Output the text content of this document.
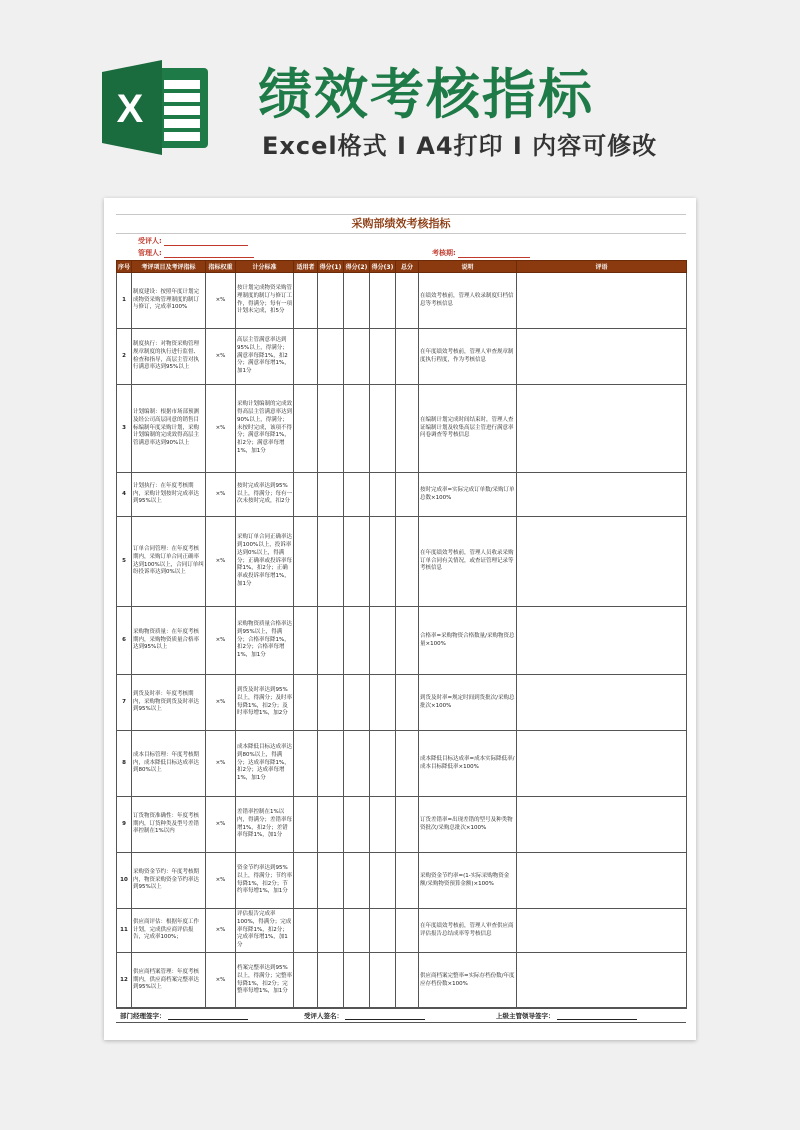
X 绩效考核指标
Excel格式 I A4打印 I 内容可修改
采购部绩效考核指标
受评人:
管理人:	考核期:
序号	考评项目及考评指标	指标权重	计分标准	适用者	得分(1)	得分(2)	得分(3)	总分	说明	评语
1	制度建设：按照年度计划完成物资采购管理制度的制订与修订，完成率100%	×%	按计划完成物资采购管理制度的制订与修订工作，得满分；每有一项计划未完成，扣5分						在绩效考核前，管理人收录制度归档信息等考核信息	
2	制度执行：对物资采购管理规章制度的执行进行监督、检查和指导，高层主管对执行满意率达到95%以上	×%	高层主管满意率达到95%以上，得满分；满意率每降1%，扣2分；满意率每增1%，加1分						在年度绩效考核前，管理人审查规章制度执行程度，作为考核信息	
3	计划编制：根据市场部预测及经公司高层同意的销售目标编制年度采购计划，采购计划编制的完成效得高层主管满意率达到90%以上	×%	采购计划编制的完成效得高层主管满意率达到90%以上，得满分；未按时完成，该项不得分；满意率每降1%，扣2分；满意率每增1%，加1分						在编制计划完成时间结束时，管理人查证编制计划及收集高层主管进行满意率问卷调查等考核信息	
4	计划执行：在年度考核期内，采购计划按时完成率达到95%以上	×%	按时完成率达到95%以上，得满分；每有一次未按时完成，扣2分						按时完成率=实际完成订单数/采购订单总数×100%	
5	订单合同管理：在年度考核期内，采购订单合同正确率达到100%以上，合同订单纠纷投诉率达到0%以上	×%	采购订单合同正确率达到100%以上，投诉率达到0%以上，得满分；正确率或投诉率每降1%，扣2分；正确率或投诉率每增1%，加1分						在年度绩效考核前，管理人员收录采购订单合同有关情况，或查证管理记录等考核信息	
6	采购物资质量：在年度考核期内，采购物资质量合格率达到95%以上	×%	采购物资质量合格率达到95%以上，得满分；合格率每降1%，扣2分；合格率每增1%，加1分						合格率=采购物资合格数量/采购物资总量×100%	
7	到货及时率：年度考核期内，采购物资到货及时率达到95%以上	×%	到货及时率达到95%以上，得满分；及时率每降1%，扣2分；及时率每增1%，加2分						到货及时率=规定时间到货批次/采购总批次×100%	
8	成本目标管理：年度考核期内，成本降低目标达成率达到80%以上	×%	成本降低目标达成率达到80%以上，得满分；达成率每降1%，扣2分；达成率每增1%，加1分						成本降低目标达成率=成本实际降低率/成本目标降低率×100%	
9	订货物资准确性：年度考核期内，订货种类及型号差错率控制在1%以内	×%	差错率控制在1%以内，得满分；差错率每增1%，扣2分；差错率每降1%，加1分						订货差错率=出现差错的型号及种类物资批次/采购总批次×100%	
10	采购资金节约：年度考核期内，物资采购资金节约率达到95%以上	×%	资金节约率达到95%以上，得满分；节约率每降1%，扣2分；节约率每增1%，加1分						采购资金节约率=(1-实际采购物资金额/采购物资预算金额)×100%	
11	供应商评估：根据年度工作计划，完成供应商评估报告，完成率100%；	×%	评估报告完成率100%，得满分；完成率每降1%，扣2分；完成率每增1%，加1分						在年度绩效考核前，管理人审查供应商评估报告总结成率等考核信息	
12	供应商档案管理：年度考核期内，供应商档案完整率达到95%以上	×%	档案完整率达到95%以上，得满分；完整率每降1%，扣2分；完整率每增1%，加1分						供应商档案完整率=实际存档份数/年度应存档份数×100%	
部门经理签字：	受评人签名：	上级主管领导签字：
